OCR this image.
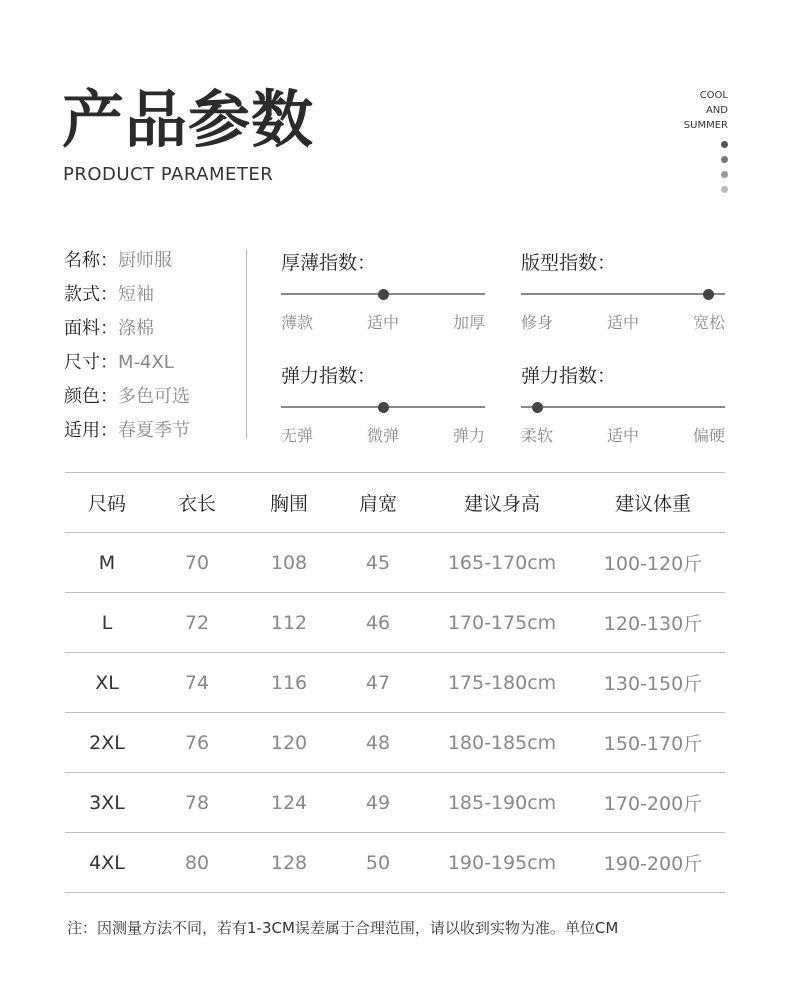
产品参数
PRODUCT PARAMETER
COOL
AND
SUMMER
名称：厨师服
款式：短袖
面料：涤棉
尺寸：M-4XL
颜色：多色可选
适用：春夏季节
厚薄指数：
薄款	适中	加厚
版型指数：
修身	适中	宽松
弹力指数：
无弹	微弹	弹力
弹力指数：
柔软	适中	偏硬
尺码	衣长	胸围	肩宽	建议身高	建议体重
M	70	108	45	165-170cm	100-120斤
L	72	112	46	170-175cm	120-130斤
XL	74	116	47	175-180cm	130-150斤
2XL	76	120	48	180-185cm	150-170斤
3XL	78	124	49	185-190cm	170-200斤
4XL	80	128	50	190-195cm	190-200斤
注：因测量方法不同，若有1-3CM误差属于合理范围，请以收到实物为准。单位CM
